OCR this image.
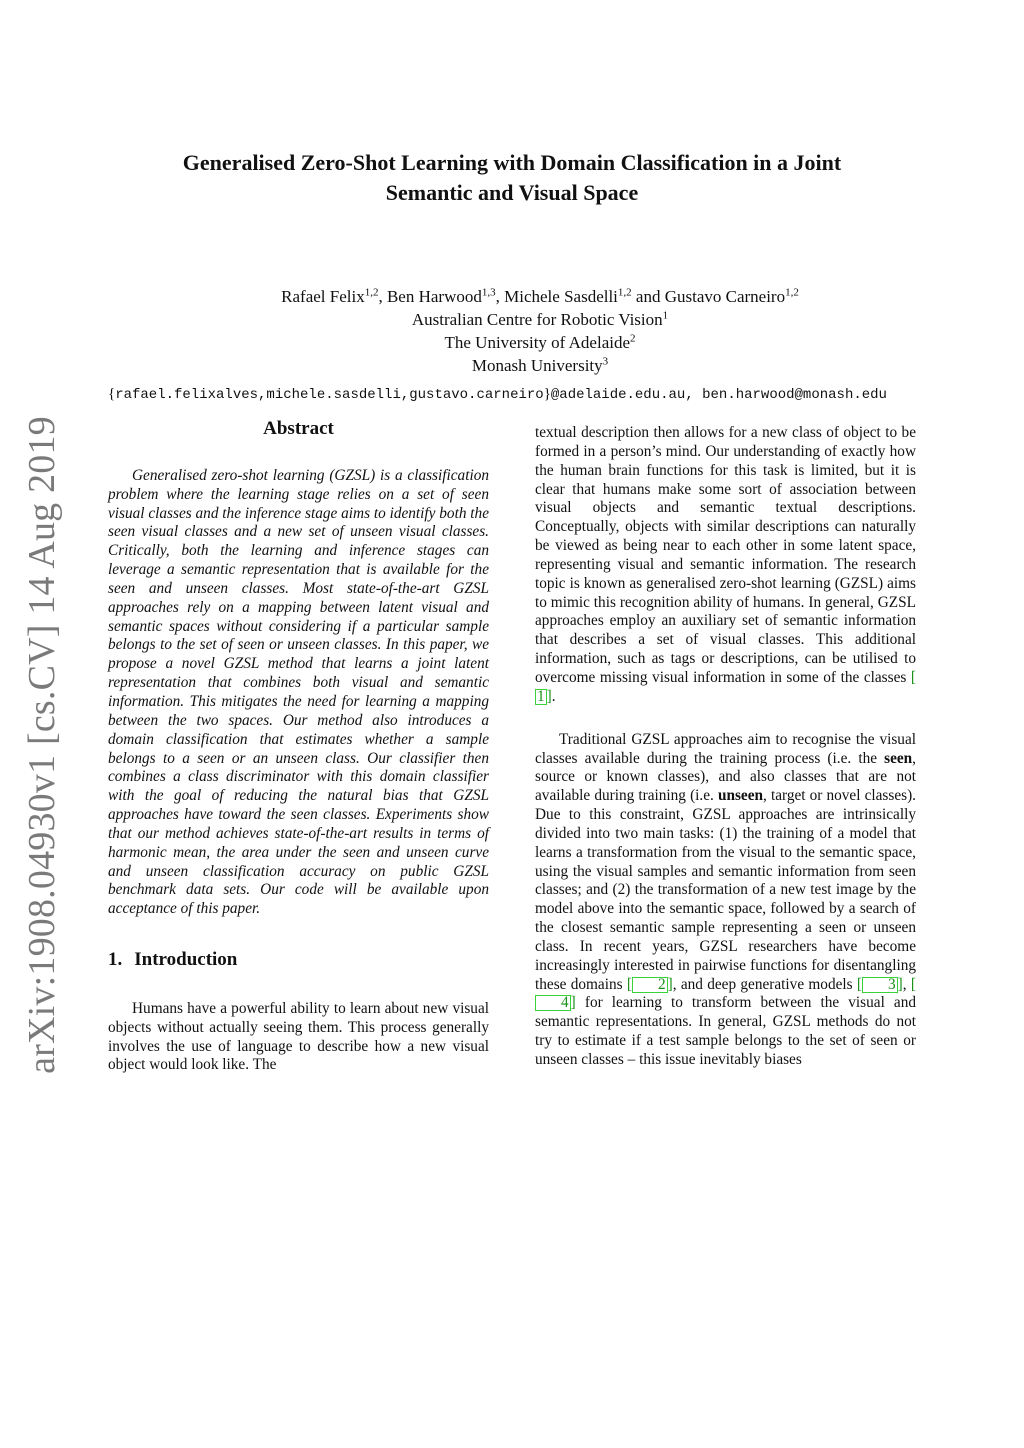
arXiv:1908.04930v1 [cs.CV] 14 Aug 2019
Generalised Zero-Shot Learning with Domain Classification in a Joint
Semantic and Visual Space
Rafael Felix$^{1,2}$, Ben Harwood$^{1,3}$, Michele Sasdelli$^{1,2}$ and Gustavo Carneiro$^{1,2}$
Australian Centre for Robotic Vision$^1$
The University of Adelaide$^2$
Monash University$^3$
{rafael.felixalves,michele.sasdelli,gustavo.carneiro}@adelaide.edu.au, ben.harwood@monash.edu
Abstract

Generalised zero-shot learning (GZSL) is a classification problem where the learning stage relies on a set of seen visual classes and the inference stage aims to identify both the seen visual classes and a new set of unseen visual classes. Critically, both the learning and inference stages can leverage a semantic representation that is available for the seen and unseen classes. Most state-of-the-art GZSL approaches rely on a mapping between latent visual and semantic spaces without considering if a particular sample belongs to the set of seen or unseen classes. In this paper, we propose a novel GZSL method that learns a joint latent representation that combines both visual and semantic information. This mitigates the need for learning a mapping between the two spaces. Our method also introduces a domain classification that estimates whether a sample belongs to a seen or an unseen class. Our classifier then combines a class discriminator with this domain classifier with the goal of reducing the natural bias that GZSL approaches have toward the seen classes. Experiments show that our method achieves state-of-the-art results in terms of harmonic mean, the area under the seen and unseen curve and unseen classification accuracy on public GZSL benchmark data sets. Our code will be available upon acceptance of this paper.

1. Introduction

Humans have a powerful ability to learn about new visual objects without actually seeing them. This process generally involves the use of language to describe how a new visual object would look like. The

textual description then allows for a new class of object to be formed in a person’s mind. Our understanding of exactly how the human brain functions for this task is limited, but it is clear that humans make some sort of association between visual objects and semantic textual descriptions. Conceptually, objects with similar descriptions can naturally be viewed as being near to each other in some latent space, representing visual and semantic information. The research topic is known as generalised zero-shot learning (GZSL) aims to mimic this recognition ability of humans. In general, GZSL approaches employ an auxiliary set of semantic information that describes a set of visual classes. This additional information, such as tags or descriptions, can be utilised to overcome missing visual information in some of the classes [1 ].

Traditional GZSL approaches aim to recognise the visual classes available during the training process (i.e. the seen, source or known classes), and also classes that are not available during training (i.e. unseen, target or novel classes). Due to this constraint, GZSL approaches are intrinsically divided into two main tasks: (1) the training of a model that learns a transformation from the visual to the semantic space, using the visual samples and semantic information from seen classes; and (2) the transformation of a new test image by the model above into the semantic space, followed by a search of the closest semantic sample representing a seen or unseen class. In recent years, GZSL researchers have become increasingly interested in pairwise functions for disentangling these domains [ 2 ], and deep generative models [ 3 ], [4 ] for learning to transform between the visual and semantic representations. In general, GZSL methods do not try to estimate if a test sample belongs to the set of seen or unseen classes – this issue inevitably biases
